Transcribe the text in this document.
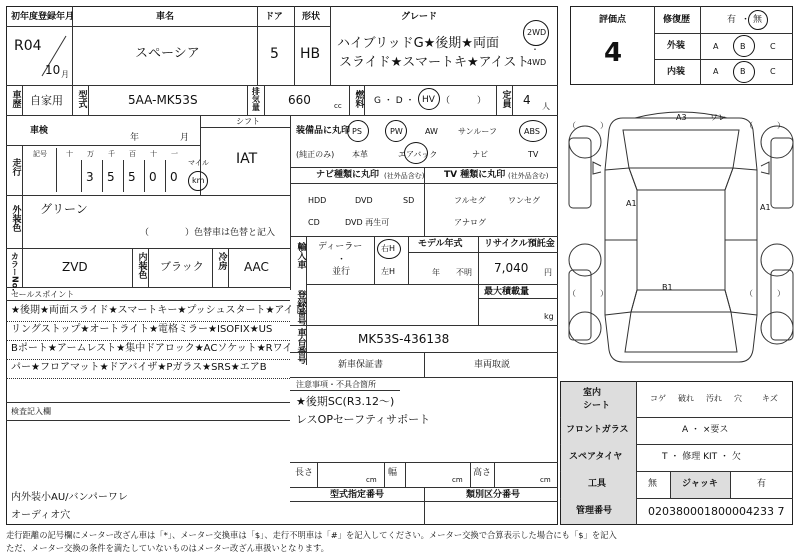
初年度登録年月
R04
10 月
車名
スペーシア
ドア
5
形状
HB
グレード
ハイブリッドG★後期★両面
スライド★スマートキ★アイスト
2WD
・
4WD
車歴 自家用 型式	5AA-MK53S	排気量 660	cc 燃料 G ・ D ・ HV （　　　） 定員 4 人
車検
年	月
シフト
IAT
走行
記号	十 万 千 百 十 一
3 5 5 0 0
マイル
km
外装色 グリーン
（　　　　）色替車は色替と記入
カラーNo.	ZVD	内装色 ブラック 冷房 AAC
セールスポイント
★後期★両面スライド★スマートキー★プッシュスタート★アイド
リングストップ★オートライト★電格ミラー★ISOFIX★US
Bポート★アームレスト★集中ドアロック★ACソケット★Rワイ
パー★フロアマット★ドアバイザ★Pガラス★SRS★エアB
検査記入欄
内外装小AU/バンパーワレ
オーディオ穴
装備品に丸印
(純正のみ)
PS	PW	AW	サンルーフ	ABS
本革	エアバック	ナビ	TV
ナビ種類に丸印 (社外品含む) TV 種類に丸印 (社外品含む)
HDD	DVD	SD
CD	DVD 再生可
フルセグ	ワンセグ
アナログ
輸入車 ディーラー
・
並行
右H
左H
モデル年式
年 不明
リサイクル預託金
7,040 円
登録番号	最大積載量
kg
車台番号	MK53S-436138
新車保証書	車両取説
注意事項・不具合箇所
★後期SC(R3.12～)
レスOPセーフティサポート
長さ
cm
幅
cm
高さ
cm
型式指定番号	類別区分番号
評価点
4
修復歴	有 ・ 無
外装	A	B	C
内装	A	B	C
（　　　）	（　　　）
（　　　）	（　　　）
A3	ワレ
A1	A1
B1
室内
シート
コゲ 破れ 汚れ 穴	キズ
フロントガラス	A ・ ×要ス
スペアタイヤ	T ・ 修理 KIT ・ 欠
工具	無	ジャッキ	有
管理番号	020380001800004233 7
走行距離の記号欄にメーター改ざん車は「*」、メーター交換車は「$」、走行不明車は「#」を記入してください。メーター交換で合算表示した場合にも「$」を記入
ただ、メーター交換の条件を満たしていないものはメーター改ざん車扱いとなります。
